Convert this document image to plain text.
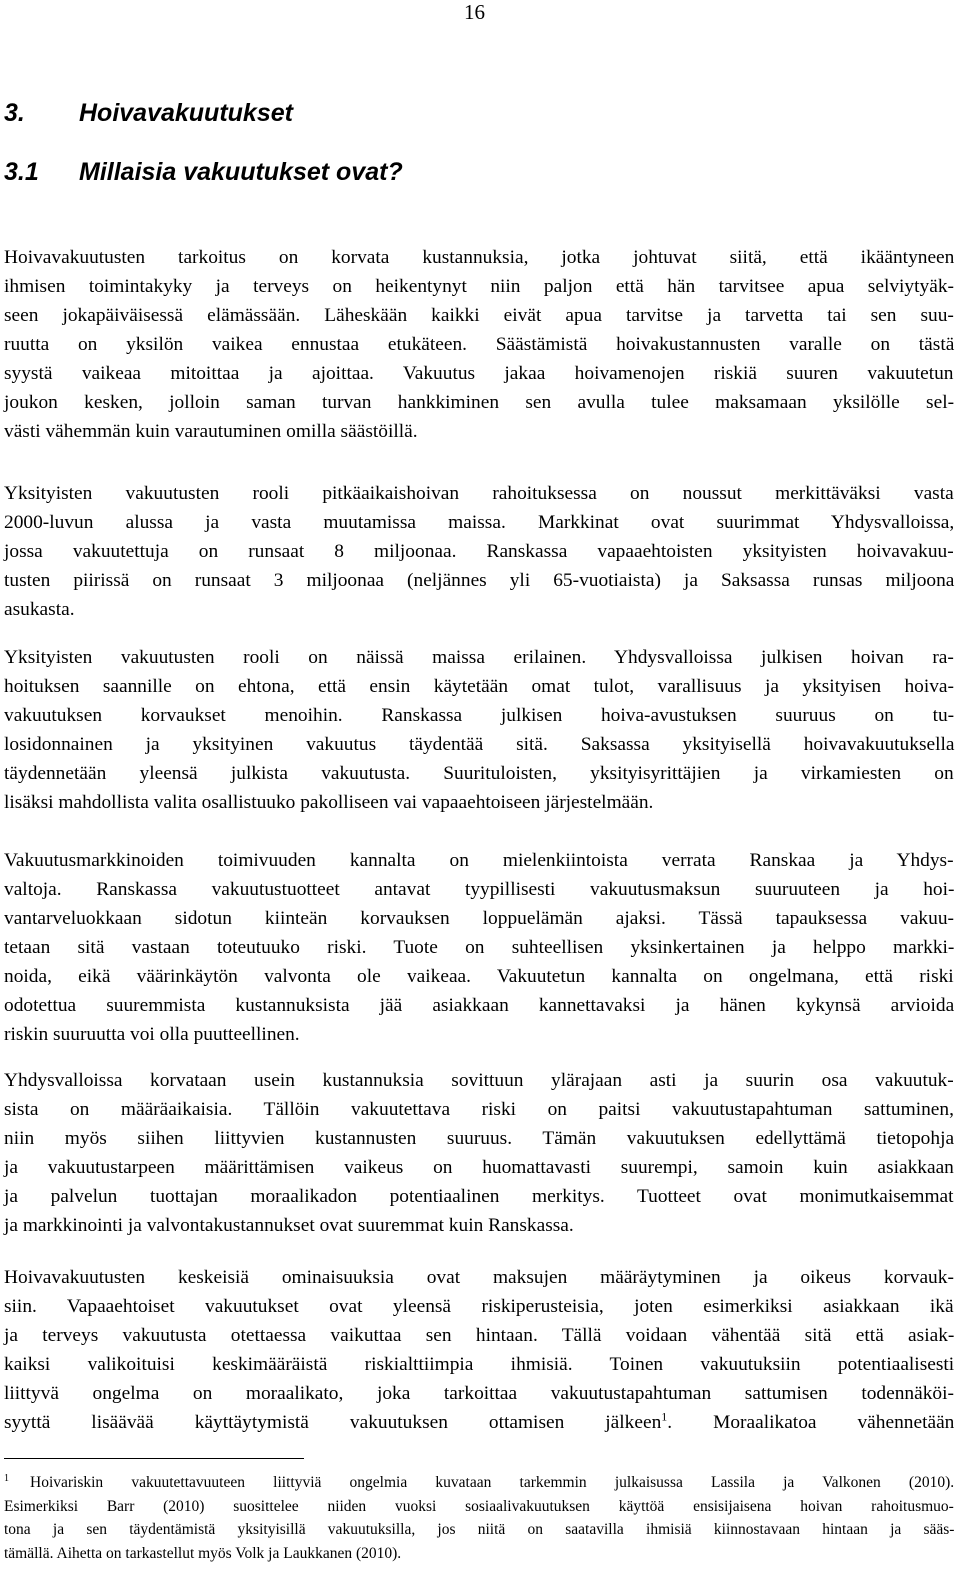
16
3. Hoivavakuutukset
3.1 Millaisia vakuutukset ovat?
Hoivavakuutusten tarkoitus on korvata kustannuksia, jotka johtuvat siitä, että ikääntyneen
ihmisen toimintakyky ja terveys on heikentynyt niin paljon että hän tarvitsee apua selviytyäk-
seen jokapäiväisessä elämässään. Läheskään kaikki eivät apua tarvitse ja tarvetta tai sen suu-
ruutta on yksilön vaikea ennustaa etukäteen. Säästämistä hoivakustannusten varalle on tästä
syystä vaikeaa mitoittaa ja ajoittaa. Vakuutus jakaa hoivamenojen riskiä suuren vakuutetun
joukon kesken, jolloin saman turvan hankkiminen sen avulla tulee maksamaan yksilölle sel-
västi vähemmän kuin varautuminen omilla säästöillä.
Yksityisten vakuutusten rooli pitkäaikaishoivan rahoituksessa on noussut merkittäväksi vasta
2000-luvun alussa ja vasta muutamissa maissa. Markkinat ovat suurimmat Yhdysvalloissa,
jossa vakuutettuja on runsaat 8 miljoonaa. Ranskassa vapaaehtoisten yksityisten hoivavakuu-
tusten piirissä on runsaat 3 miljoonaa (neljännes yli 65-vuotiaista) ja Saksassa runsas miljoona
asukasta.
Yksityisten vakuutusten rooli on näissä maissa erilainen. Yhdysvalloissa julkisen hoivan ra-
hoituksen saannille on ehtona, että ensin käytetään omat tulot, varallisuus ja yksityisen hoiva-
vakuutuksen korvaukset menoihin. Ranskassa julkisen hoiva-avustuksen suuruus on tu-
losidonnainen ja yksityinen vakuutus täydentää sitä. Saksassa yksityisellä hoivavakuutuksella
täydennetään yleensä julkista vakuutusta. Suurituloisten, yksityisyrittäjien ja virkamiesten on
lisäksi mahdollista valita osallistuuko pakolliseen vai vapaaehtoiseen järjestelmään.
Vakuutusmarkkinoiden toimivuuden kannalta on mielenkiintoista verrata Ranskaa ja Yhdys-
valtoja. Ranskassa vakuutustuotteet antavat tyypillisesti vakuutusmaksun suuruuteen ja hoi-
vantarveluokkaan sidotun kiinteän korvauksen loppuelämän ajaksi. Tässä tapauksessa vakuu-
tetaan sitä vastaan toteutuuko riski. Tuote on suhteellisen yksinkertainen ja helppo markki-
noida, eikä väärinkäytön valvonta ole vaikeaa. Vakuutetun kannalta on ongelmana, että riski
odotettua suuremmista kustannuksista jää asiakkaan kannettavaksi ja hänen kykynsä arvioida
riskin suuruutta voi olla puutteellinen.
Yhdysvalloissa korvataan usein kustannuksia sovittuun ylärajaan asti ja suurin osa vakuutuk-
sista on määräaikaisia. Tällöin vakuutettava riski on paitsi vakuutustapahtuman sattuminen,
niin myös siihen liittyvien kustannusten suuruus. Tämän vakuutuksen edellyttämä tietopohja
ja vakuutustarpeen määrittämisen vaikeus on huomattavasti suurempi, samoin kuin asiakkaan
ja palvelun tuottajan moraalikadon potentiaalinen merkitys. Tuotteet ovat monimutkaisemmat
ja markkinointi ja valvontakustannukset ovat suuremmat kuin Ranskassa.
Hoivavakuutusten keskeisiä ominaisuuksia ovat maksujen määräytyminen ja oikeus korvauk-
siin. Vapaaehtoiset vakuutukset ovat yleensä riskiperusteisia, joten esimerkiksi asiakkaan ikä
ja terveys vakuutusta otettaessa vaikuttaa sen hintaan. Tällä voidaan vähentää sitä että asiak-
kaiksi valikoituisi keskimääräistä riskialttiimpia ihmisiä. Toinen vakuutuksiin potentiaalisesti
liittyvä ongelma on moraalikato, joka tarkoittaa vakuutustapahtuman sattumisen todennäköi-
syyttä lisäävää käyttäytymistä vakuutuksen ottamisen jälkeen$^1$. Moraalikatoa vähennetään
1 Hoivariskin vakuutettavuuteen liittyviä ongelmia kuvataan tarkemmin julkaisussa Lassila ja Valkonen (2010).
Esimerkiksi Barr (2010) suosittelee niiden vuoksi sosiaalivakuutuksen käyttöä ensisijaisena hoivan rahoitusmuo-
tona ja sen täydentämistä yksityisillä vakuutuksilla, jos niitä on saatavilla ihmisiä kiinnostavaan hintaan ja sääs-
tämällä. Aihetta on tarkastellut myös Volk ja Laukkanen (2010).
